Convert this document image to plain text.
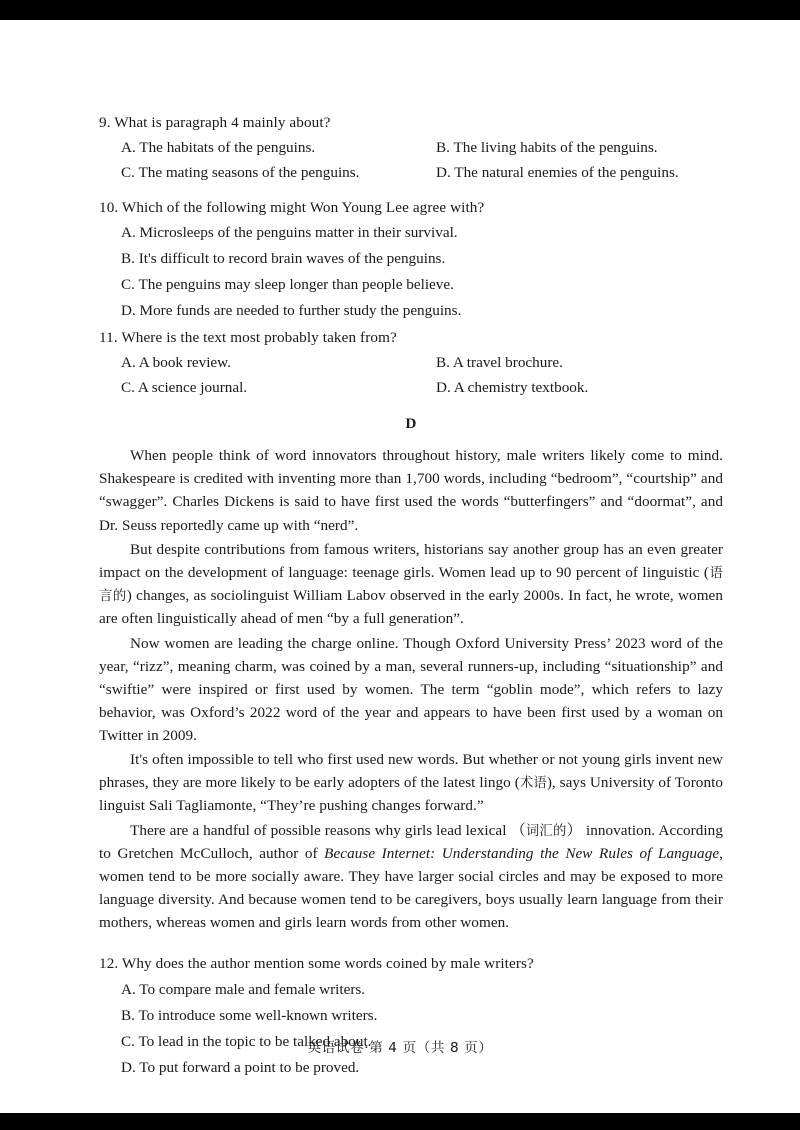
9. What is paragraph 4 mainly about?
A. The habitats of the penguins.	B. The living habits of the penguins.
C. The mating seasons of the penguins.	D. The natural enemies of the penguins.
10. Which of the following might Won Young Lee agree with?
A. Microsleeps of the penguins matter in their survival.
B. It's difficult to record brain waves of the penguins.
C. The penguins may sleep longer than people believe.
D. More funds are needed to further study the penguins.
11. Where is the text most probably taken from?
A. A book review.	B. A travel brochure.
C. A science journal.	D. A chemistry textbook.
D

When people think of word innovators throughout history, male writers likely come to mind. Shakespeare is credited with inventing more than 1,700 words, including “bedroom”, “courtship” and “swagger”. Charles Dickens is said to have first used the words “butterfingers” and “doormat”, and Dr. Seuss reportedly came up with “nerd”.

But despite contributions from famous writers, historians say another group has an even greater impact on the development of language: teenage girls. Women lead up to 90 percent of linguistic (语言的) changes, as sociolinguist William Labov observed in the early 2000s. In fact, he wrote, women are often linguistically ahead of men “by a full generation”.

Now women are leading the charge online. Though Oxford University Press’ 2023 word of the year, “rizz”, meaning charm, was coined by a man, several runners-up, including “situationship” and “swiftie” were inspired or first used by women. The term “goblin mode”, which refers to lazy behavior, was Oxford’s 2022 word of the year and appears to have been first used by a woman on Twitter in 2009.

It's often impossible to tell who first used new words. But whether or not young girls invent new phrases, they are more likely to be early adopters of the latest lingo (术语), says University of Toronto linguist Sali Tagliamonte, “They’re pushing changes forward.”

There are a handful of possible reasons why girls lead lexical （词汇的） innovation. According to Gretchen McCulloch, author of Because Internet: Understanding the New Rules of Language, women tend to be more socially aware. They have larger social circles and may be exposed to more language diversity. And because women tend to be caregivers, boys usually learn language from their mothers, whereas women and girls learn words from other women.

12. Why does the author mention some words coined by male writers?
A. To compare male and female writers.
B. To introduce some well-known writers.
C. To lead in the topic to be talked about.
D. To put forward a point to be proved.
英语试卷·第 4 页（共 8 页）
